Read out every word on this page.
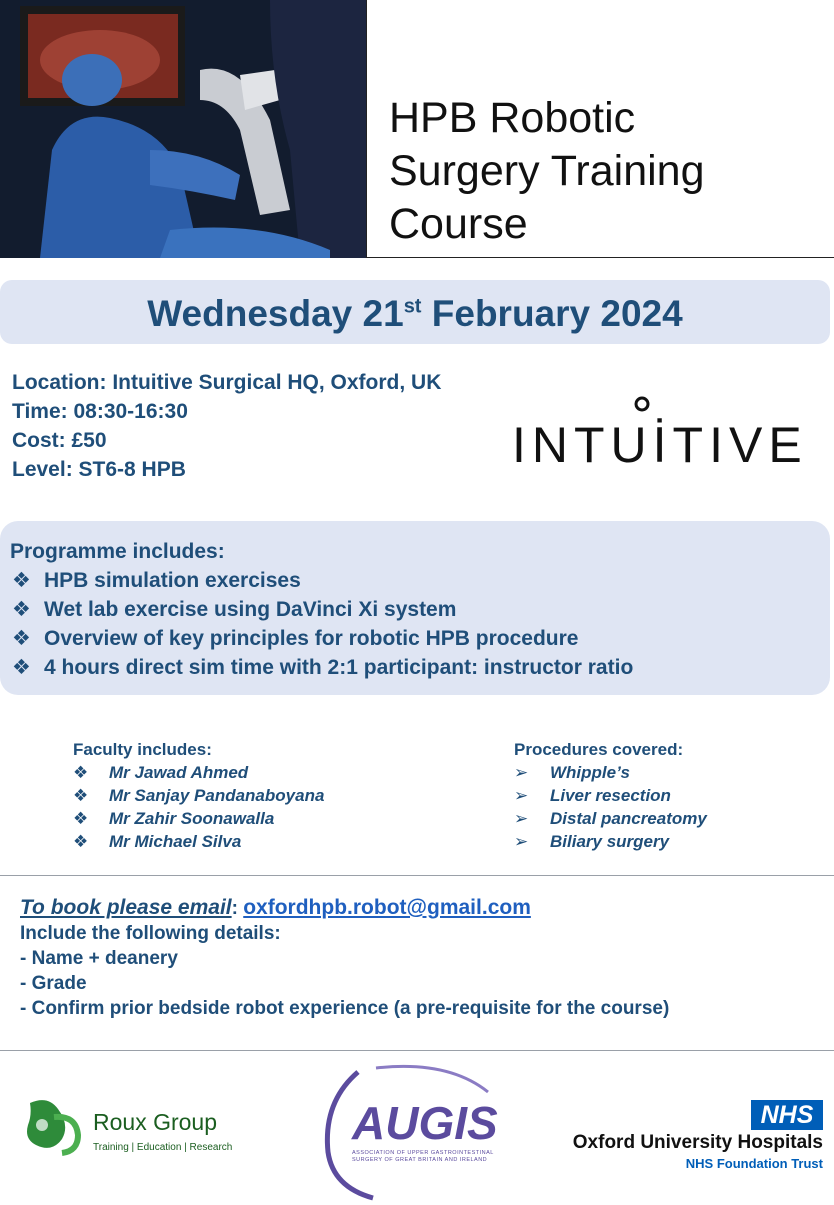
HPB Robotic
Surgery Training
Course
Wednesday 21st February 2024
Location: Intuitive Surgical HQ, Oxford, UK
Time: 08:30-16:30
Cost: £50
Level: ST6-8 HPB	INTUİTIVE
Programme includes:
❖ HPB simulation exercises
❖ Wet lab exercise using DaVinci Xi system
❖ Overview of key principles for robotic HPB procedure
❖ 4 hours direct sim time with 2:1 participant: instructor ratio
Faculty includes:
❖ Mr Jawad Ahmed
❖ Mr Sanjay Pandanaboyana
❖ Mr Zahir Soonawalla
❖ Mr Michael Silva
Procedures covered:
➢ Whipple’s
➢ Liver resection
➢ Distal pancreatomy
➢ Biliary surgery
To book please email: oxfordhpb.robot@gmail.com
Include the following details:
- Name + deanery
- Grade
- Confirm prior bedside robot experience (a pre-requisite for the course)
Roux Group
Training | Education | Research	AUGIS
ASSOCIATION OF UPPER GASTROINTESTINAL SURGERY OF GREAT BRITAIN AND IRELAND
NHS
Oxford University Hospitals
NHS Foundation Trust
